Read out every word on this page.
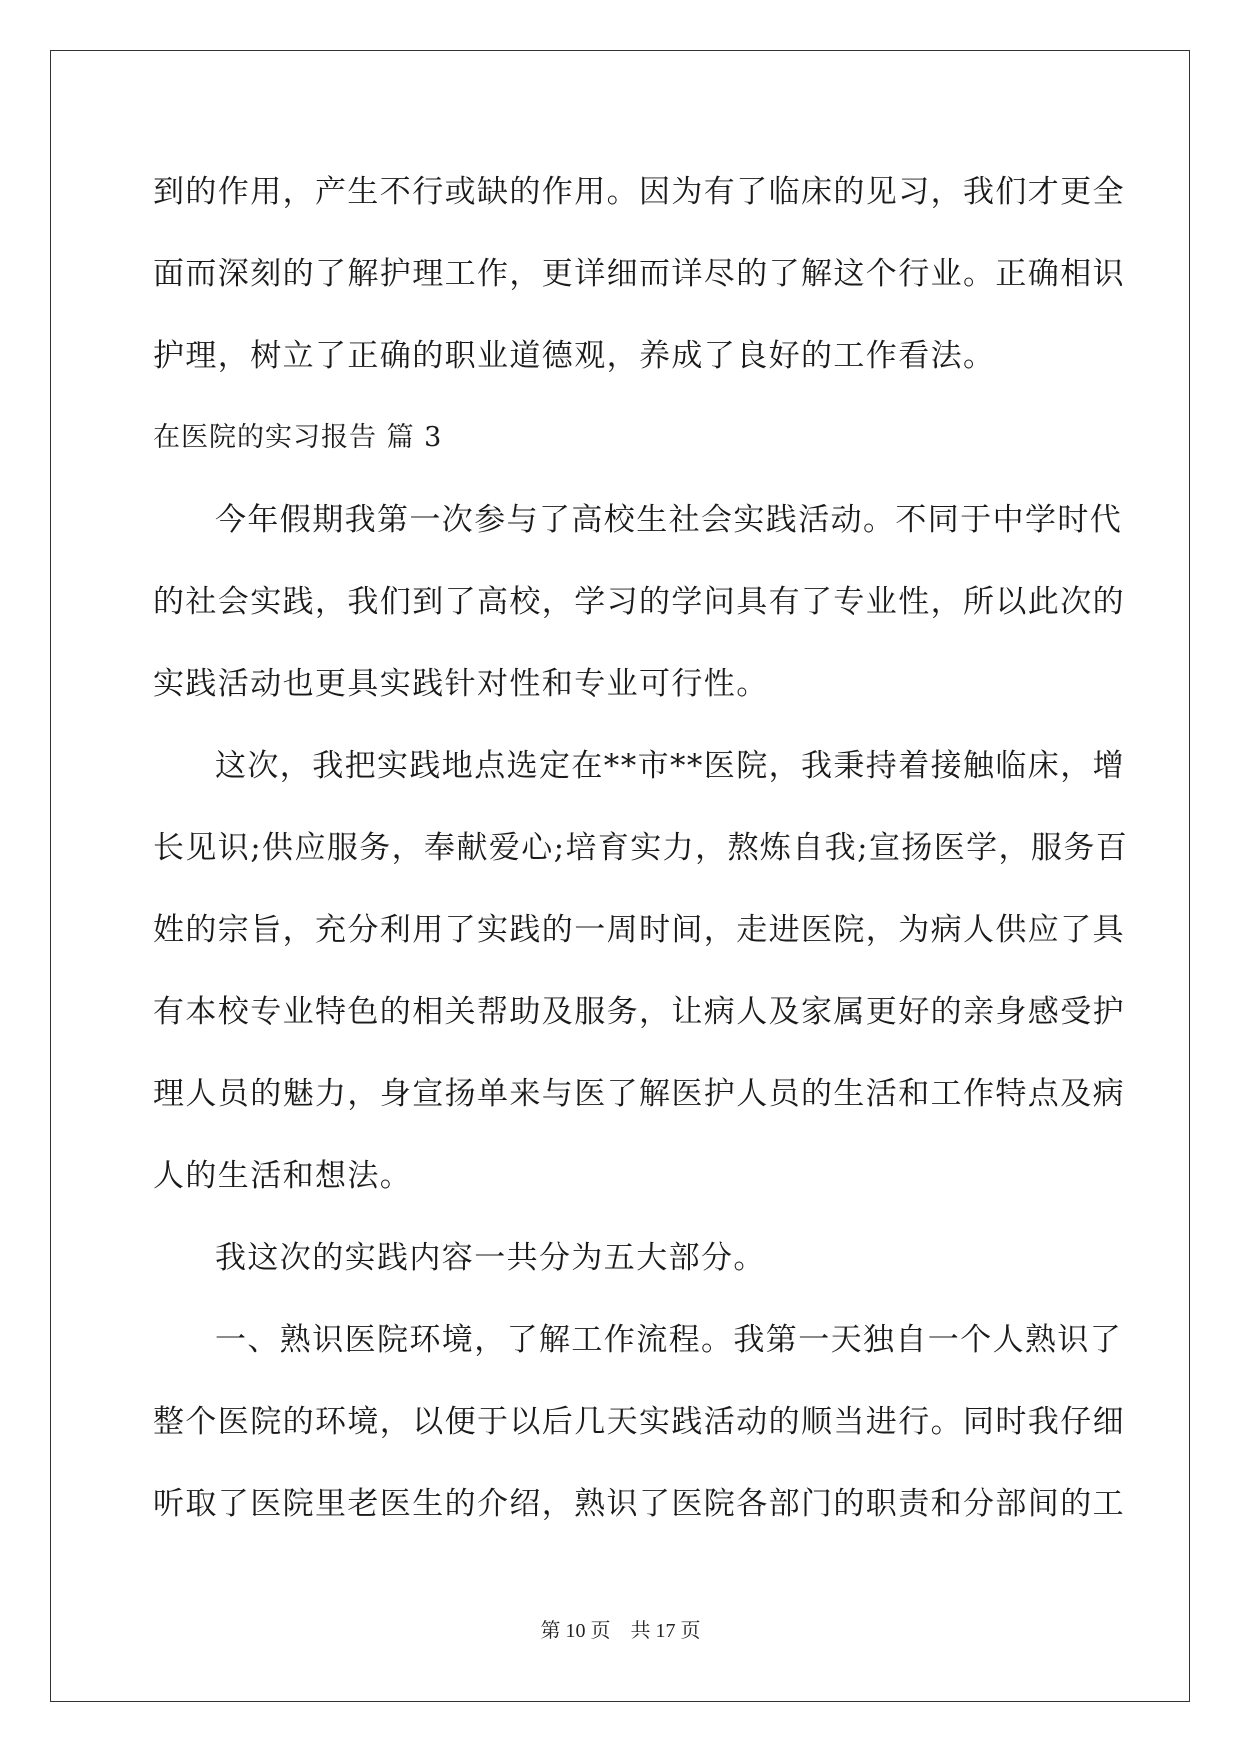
到的作用，产生不行或缺的作用。因为有了临床的见习，我们才更全
面而深刻的了解护理工作，更详细而详尽的了解这个行业。正确相识
护理，树立了正确的职业道德观，养成了良好的工作看法。
在医院的实习报告 篇 3
今年假期我第一次参与了高校生社会实践活动。不同于中学时代
的社会实践，我们到了高校，学习的学问具有了专业性，所以此次的
实践活动也更具实践针对性和专业可行性。
这次，我把实践地点选定在**市**医院，我秉持着接触临床，增
长见识;供应服务，奉献爱心;培育实力，熬炼自我;宣扬医学，服务百
姓的宗旨，充分利用了实践的一周时间，走进医院，为病人供应了具
有本校专业特色的相关帮助及服务，让病人及家属更好的亲身感受护
理人员的魅力，身宣扬单来与医了解医护人员的生活和工作特点及病
人的生活和想法。
我这次的实践内容一共分为五大部分。
一、熟识医院环境，了解工作流程。我第一天独自一个人熟识了
整个医院的环境，以便于以后几天实践活动的顺当进行。同时我仔细
听取了医院里老医生的介绍，熟识了医院各部门的职责和分部间的工
第 10 页 共 17 页
